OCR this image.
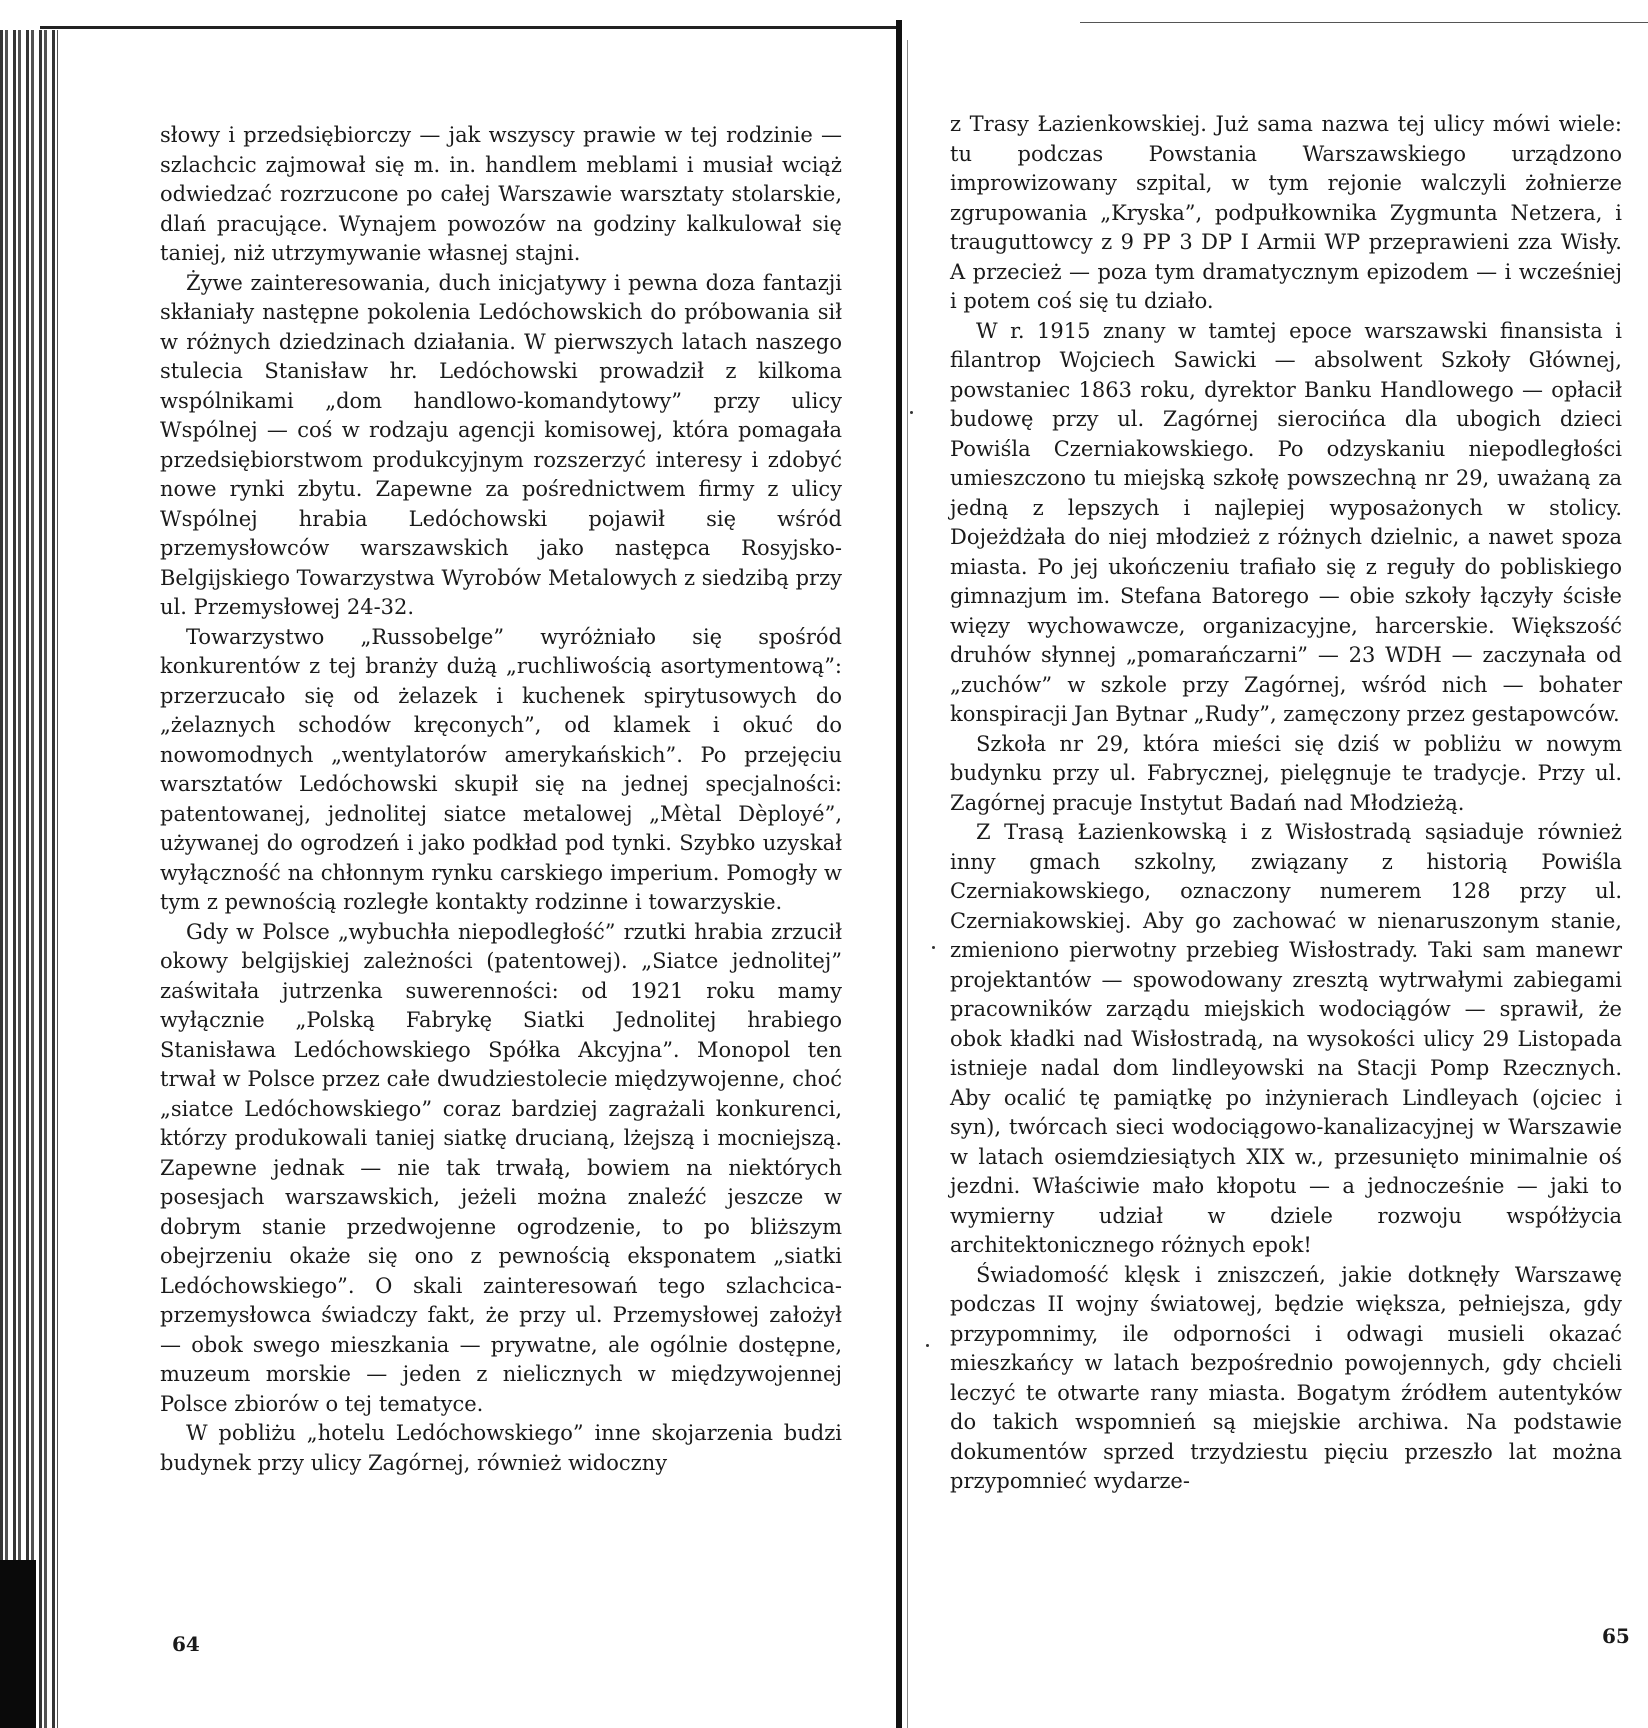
słowy i przedsiębiorczy — jak wszyscy prawie w tej rodzinie — szlachcic zajmował się m. in. handlem meblami i musiał wciąż odwiedzać rozrzucone po całej Warszawie warsztaty stolarskie, dlań pracujące. Wynajem powozów na godziny kalkulował się taniej, niż utrzymywanie własnej stajni.

Żywe zainteresowania, duch inicjatywy i pewna doza fantazji skłaniały następne pokolenia Ledóchowskich do próbowania sił w różnych dziedzinach działania. W pierwszych latach naszego stulecia Stanisław hr. Ledóchowski prowadził z kilkoma wspólnikami „dom handlowo-komandytowy” przy ulicy Wspólnej — coś w rodzaju agencji komisowej, która pomagała przedsiębiorstwom produkcyjnym rozszerzyć interesy i zdobyć nowe rynki zbytu. Zapewne za pośrednictwem firmy z ulicy Wspólnej hrabia Ledóchowski pojawił się wśród przemysłowców warszawskich jako następca Rosyjsko-Belgijskiego Towarzystwa Wyrobów Metalowych z siedzibą przy ul. Przemysłowej 24-32.

Towarzystwo „Russobelge” wyróżniało się spośród konkurentów z tej branży dużą „ruchliwością asortymentową”: przerzucało się od żelazek i kuchenek spirytusowych do „żelaznych schodów kręconych”, od klamek i okuć do nowomodnych „wentylatorów amerykańskich”. Po przejęciu warsztatów Ledóchowski skupił się na jednej specjalności: patentowanej, jednolitej siatce metalowej „Mètal Dèployé”, używanej do ogrodzeń i jako podkład pod tynki. Szybko uzyskał wyłączność na chłonnym rynku carskiego imperium. Pomogły w tym z pewnością rozległe kontakty rodzinne i towarzyskie.

Gdy w Polsce „wybuchła niepodległość” rzutki hrabia zrzucił okowy belgijskiej zależności (patentowej). „Siatce jednolitej” zaświtała jutrzenka suwerenności: od 1921 roku mamy wyłącznie „Polską Fabrykę Siatki Jednolitej hrabiego Stanisława Ledóchowskiego Spółka Akcyjna”. Monopol ten trwał w Polsce przez całe dwudziestolecie międzywojenne, choć „siatce Ledóchowskiego” coraz bardziej zagrażali konkurenci, którzy produkowali taniej siatkę drucianą, lżejszą i mocniejszą. Zapewne jednak — nie tak trwałą, bowiem na niektórych posesjach warszawskich, jeżeli można znaleźć jeszcze w dobrym stanie przedwojenne ogrodzenie, to po bliższym obejrzeniu okaże się ono z pewnością eksponatem „siatki Ledóchowskiego”. O skali zainteresowań tego szlachcica-przemysłowca świadczy fakt, że przy ul. Przemysłowej założył — obok swego mieszkania — prywatne, ale ogólnie dostępne, muzeum morskie — jeden z nielicznych w międzywojennej Polsce zbiorów o tej tematyce.

W pobliżu „hotelu Ledóchowskiego” inne skojarzenia budzi budynek przy ulicy Zagórnej, również widoczny

z Trasy Łazienkowskiej. Już sama nazwa tej ulicy mówi wiele: tu podczas Powstania Warszawskiego urządzono improwizowany szpital, w tym rejonie walczyli żołnierze zgrupowania „Kryska”, podpułkownika Zygmunta Netzera, i trauguttowcy z 9 PP 3 DP I Armii WP przeprawieni zza Wisły. A przecież — poza tym dramatycznym epizodem — i wcześniej i potem coś się tu działo.

W r. 1915 znany w tamtej epoce warszawski finansista i filantrop Wojciech Sawicki — absolwent Szkoły Głównej, powstaniec 1863 roku, dyrektor Banku Handlowego — opłacił budowę przy ul. Zagórnej sierocińca dla ubogich dzieci Powiśla Czerniakowskiego. Po odzyskaniu niepodległości umieszczono tu miejską szkołę powszechną nr 29, uważaną za jedną z lepszych i najlepiej wyposażonych w stolicy. Dojeżdżała do niej młodzież z różnych dzielnic, a nawet spoza miasta. Po jej ukończeniu trafiało się z reguły do pobliskiego gimnazjum im. Stefana Batorego — obie szkoły łączyły ścisłe więzy wychowawcze, organizacyjne, harcerskie. Większość druhów słynnej „pomarańczarni” — 23 WDH — zaczynała od „zuchów” w szkole przy Zagórnej, wśród nich — bohater konspiracji Jan Bytnar „Rudy”, zamęczony przez gestapowców.

Szkoła nr 29, która mieści się dziś w pobliżu w nowym budynku przy ul. Fabrycznej, pielęgnuje te tradycje. Przy ul. Zagórnej pracuje Instytut Badań nad Młodzieżą.

Z Trasą Łazienkowską i z Wisłostradą sąsiaduje również inny gmach szkolny, związany z historią Powiśla Czerniakowskiego, oznaczony numerem 128 przy ul. Czerniakowskiej. Aby go zachować w nienaruszonym stanie, zmieniono pierwotny przebieg Wisłostrady. Taki sam manewr projektantów — spowodowany zresztą wytrwałymi zabiegami pracowników zarządu miejskich wodociągów — sprawił, że obok kładki nad Wisłostradą, na wysokości ulicy 29 Listopada istnieje nadal dom lindleyowski na Stacji Pomp Rzecznych. Aby ocalić tę pamiątkę po inżynierach Lindleyach (ojciec i syn), twórcach sieci wodociągowo-kanalizacyjnej w Warszawie w latach osiemdziesiątych XIX w., przesunięto minimalnie oś jezdni. Właściwie mało kłopotu — a jednocześnie — jaki to wymierny udział w dziele rozwoju współżycia architektonicznego różnych epok!

Świadomość klęsk i zniszczeń, jakie dotknęły Warszawę podczas II wojny światowej, będzie większa, pełniejsza, gdy przypomnimy, ile odporności i odwagi musieli okazać mieszkańcy w latach bezpośrednio powojennych, gdy chcieli leczyć te otwarte rany miasta. Bogatym źródłem autentyków do takich wspomnień są miejskie archiwa. Na podstawie dokumentów sprzed trzydziestu pięciu przeszło lat można przypomnieć wydarze-

64	65
